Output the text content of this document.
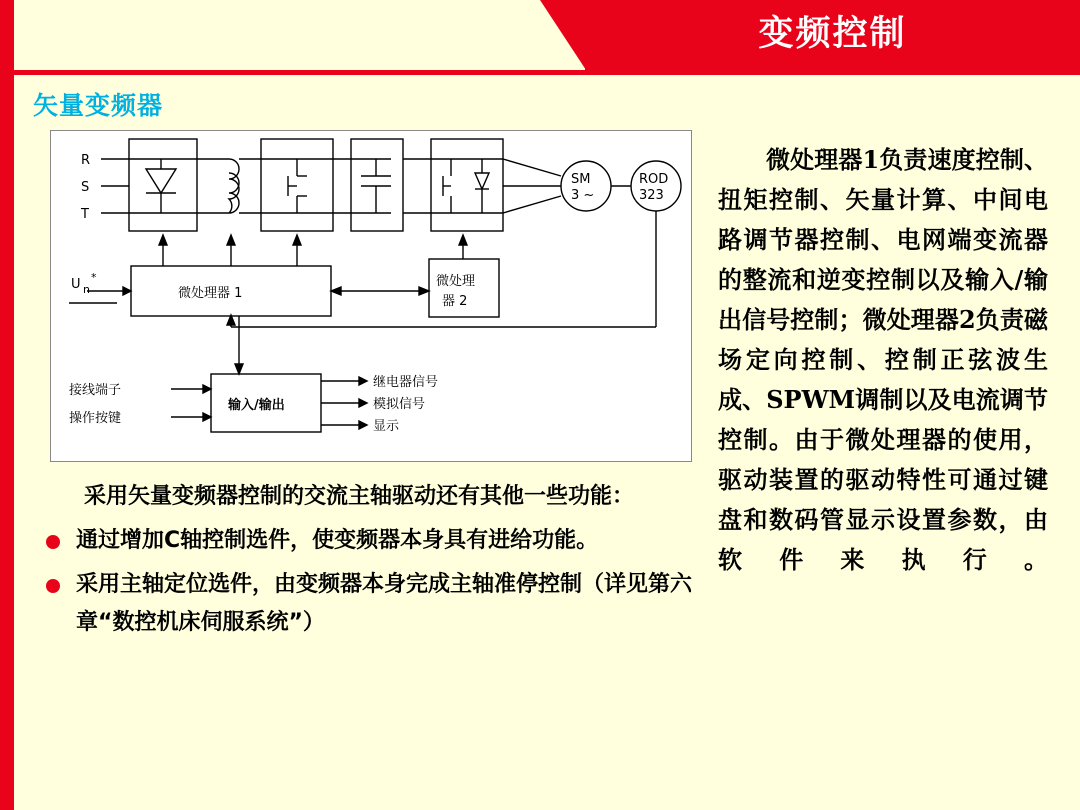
变频控制
矢量变频器
R
S
T
U n
*
SM
3 ~
ROD
323
微处理器 1
微处理
器 2
输入/输出
接线端子
操作按键
继电器信号
模拟信号
显示
采用矢量变频器控制的交流主轴驱动还有其他一些功能：
通过增加C轴控制选件，使变频器本身具有进给功能。
采用主轴定位选件，由变频器本身完成主轴准停控制（详见第六章“数控机床伺服系统”）

微处理器1负责速度控制、扭矩控制、矢量计算、中间电路调节器控制、电网端变流器的整流和逆变控制以及输入/输出信号控制；微处理器2负责磁场定向控制、控制正弦波生成、SPWM调制以及电流调节控制。由于微处理器的使用，驱动装置的驱动特性可通过键盘和数码管显示设置参数，由软件来执行。
